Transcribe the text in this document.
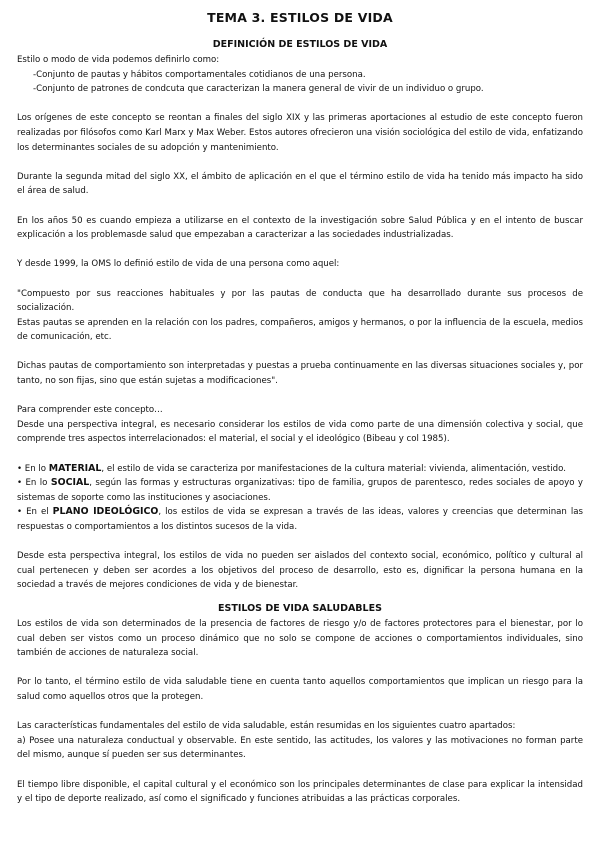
TEMA 3. ESTILOS DE VIDA
DEFINICIÓN DE ESTILOS DE VIDA

Estilo o modo de vida podemos definirlo como:

-Conjunto de pautas y hábitos comportamentales cotidianos de una persona.

-Conjunto de patrones de condcuta que caracterizan la manera general de vivir de un individuo o grupo.

Los orígenes de este concepto se reontan a finales del siglo XIX y las primeras aportaciones al estudio de este concepto fueron realizadas por filósofos como Karl Marx y Max Weber. Estos autores ofrecieron una visión sociológica del estilo de vida, enfatizando los determinantes sociales de su adopción y mantenimiento.

Durante la segunda mitad del siglo XX, el ámbito de aplicación en el que el término estilo de vida ha tenido más impacto ha sido el área de salud.

En los años 50 es cuando empieza a utilizarse en el contexto de la investigación sobre Salud Pública y en el intento de buscar explicación a los problemasde salud que empezaban a caracterizar a las sociedades industrializadas.

Y desde 1999, la OMS lo definió estilo de vida de una persona como aquel:

"Compuesto por sus reacciones habituales y por las pautas de conducta que ha desarrollado durante sus procesos de socialización.

Estas pautas se aprenden en la relación con los padres, compañeros, amigos y hermanos, o por la influencia de la escuela, medios de comunicación, etc.

Dichas pautas de comportamiento son interpretadas y puestas a prueba continuamente en las diversas situaciones sociales y, por tanto, no son fijas, sino que están sujetas a modificaciones".

Para comprender este concepto…

Desde una perspectiva integral, es necesario considerar los estilos de vida como parte de una dimensión colectiva y social, que comprende tres aspectos interrelacionados: el material, el social y el ideológico (Bibeau y col 1985).

• En lo MATERIAL, el estilo de vida se caracteriza por manifestaciones de la cultura material: vivienda, alimentación, vestido.

• En lo SOCIAL, según las formas y estructuras organizativas: tipo de familia, grupos de parentesco, redes sociales de apoyo y sistemas de soporte como las instituciones y asociaciones.

• En el PLANO IDEOLÓGICO, los estilos de vida se expresan a través de las ideas, valores y creencias que determinan las respuestas o comportamientos a los distintos sucesos de la vida.

Desde esta perspectiva integral, los estilos de vida no pueden ser aislados del contexto social, económico, político y cultural al cual pertenecen y deben ser acordes a los objetivos del proceso de desarrollo, esto es, dignificar la persona humana en la sociedad a través de mejores condiciones de vida y de bienestar.

ESTILOS DE VIDA SALUDABLES

Los estilos de vida son determinados de la presencia de factores de riesgo y/o de factores protectores para el bienestar, por lo cual deben ser vistos como un proceso dinámico que no solo se compone de acciones o comportamientos individuales, sino también de acciones de naturaleza social.

Por lo tanto, el término estilo de vida saludable tiene en cuenta tanto aquellos comportamientos que implican un riesgo para la salud como aquellos otros que la protegen.

Las características fundamentales del estilo de vida saludable, están resumidas en los siguientes cuatro apartados:

a) Posee una naturaleza conductual y observable. En este sentido, las actitudes, los valores y las motivaciones no forman parte del mismo, aunque sí pueden ser sus determinantes.

El tiempo libre disponible, el capital cultural y el económico son los principales determinantes de clase para explicar la intensidad y el tipo de deporte realizado, así como el significado y funciones atribuidas a las prácticas corporales.
